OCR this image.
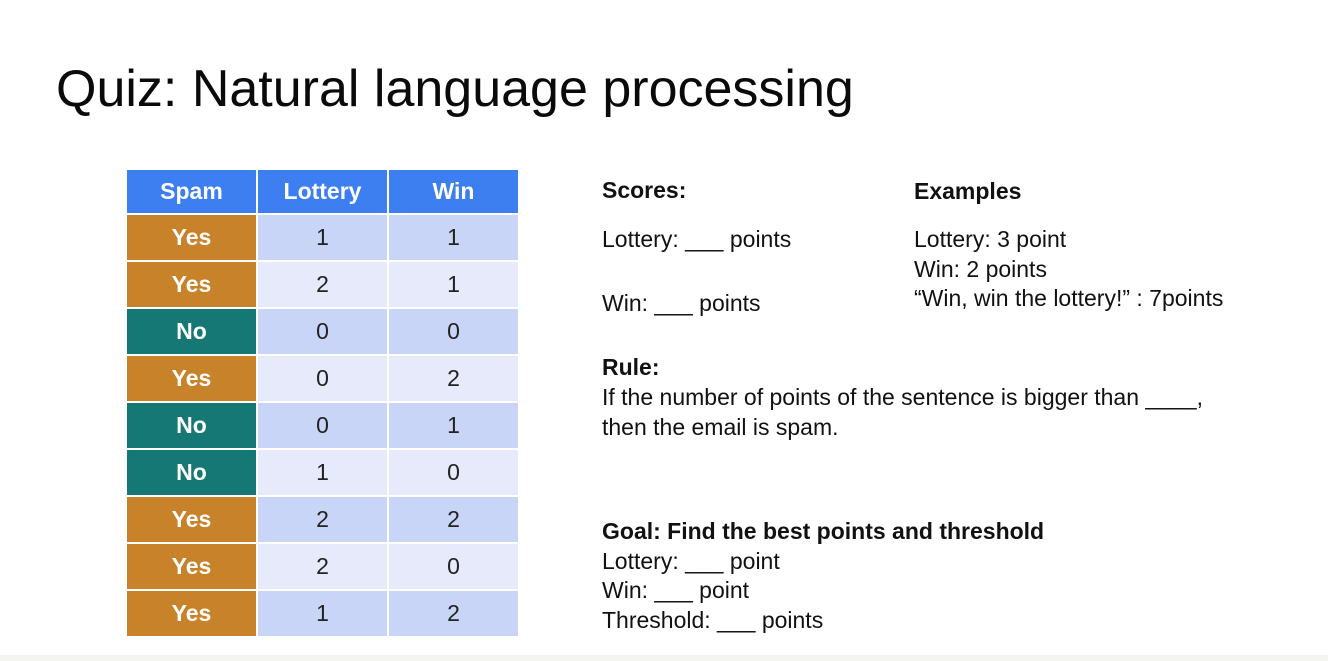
Quiz: Natural language processing
Spam	Lottery	Win
Yes	1	1
Yes	2	1
No	0	0
Yes	0	2
No	0	1
No	1	0
Yes	2	2
Yes	2	0
Yes	1	2
Scores:
Lottery: ___ points
Win: ___ points
Examples
Lottery: 3 point
Win: 2 points
“Win, win the lottery!” : 7points
Rule:
If the number of points of the sentence is bigger than ____,
then the email is spam.
Goal: Find the best points and threshold
Lottery: ___ point
Win: ___ point
Threshold: ___ points
